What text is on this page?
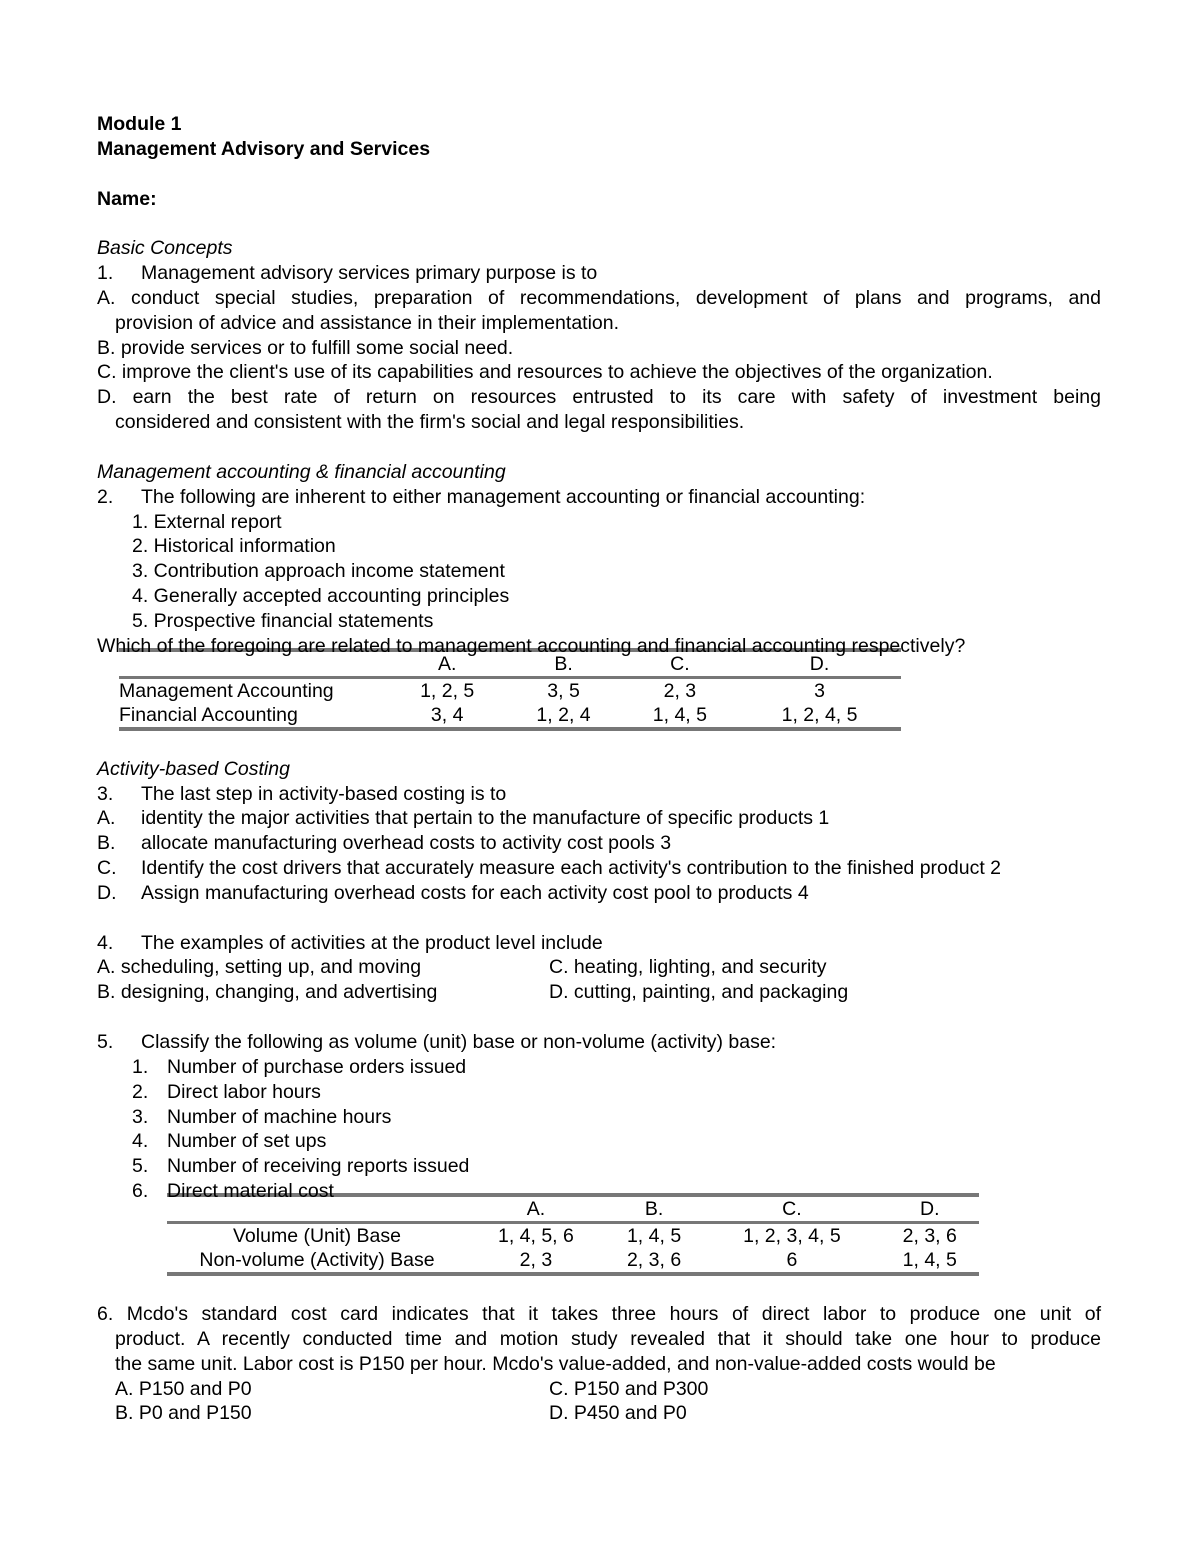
Module 1
Management Advisory and Services
Name:
Basic Concepts
1. Management advisory services primary purpose is to
A. conduct special studies, preparation of recommendations, development of plans and programs, and
provision of advice and assistance in their implementation.
B. provide services or to fulfill some social need.
C. improve the client's use of its capabilities and resources to achieve the objectives of the organization.
D. earn the best rate of return on resources entrusted to its care with safety of investment being
considered and consistent with the firm's social and legal responsibilities.
Management accounting & financial accounting
2. The following are inherent to either management accounting or financial accounting:
1. External report
2. Historical information
3. Contribution approach income statement
4. Generally accepted accounting principles
5. Prospective financial statements
Which of the foregoing are related to management accounting and financial accounting respectively?
	A.	B.	C.	D.
Management Accounting	1, 2, 5	3, 5	2, 3	3
Financial Accounting	3, 4	1, 2, 4	1, 4, 5	1, 2, 4, 5
Activity-based Costing
3. The last step in activity-based costing is to
A. identity the major activities that pertain to the manufacture of specific products 1
B. allocate manufacturing overhead costs to activity cost pools 3
C. Identify the cost drivers that accurately measure each activity's contribution to the finished product 2
D. Assign manufacturing overhead costs for each activity cost pool to products 4
4. The examples of activities at the product level include
A. scheduling, setting up, and moving	C. heating, lighting, and security
B. designing, changing, and advertising	D. cutting, painting, and packaging
5. Classify the following as volume (unit) base or non-volume (activity) base:
1. Number of purchase orders issued
2. Direct labor hours
3. Number of machine hours
4. Number of set ups
5. Number of receiving reports issued
6. Direct material cost
	A.	B.	C.	D.
Volume (Unit) Base	1, 4, 5, 6	1, 4, 5	1, 2, 3, 4, 5	2, 3, 6
Non-volume (Activity) Base	2, 3	2, 3, 6	6	1, 4, 5
6. Mcdo's standard cost card indicates that it takes three hours of direct labor to produce one unit of
product. A recently conducted time and motion study revealed that it should take one hour to produce
the same unit. Labor cost is P150 per hour. Mcdo's value-added, and non-value-added costs would be
A. P150 and P0	C. P150 and P300
B. P0 and P150	D. P450 and P0
